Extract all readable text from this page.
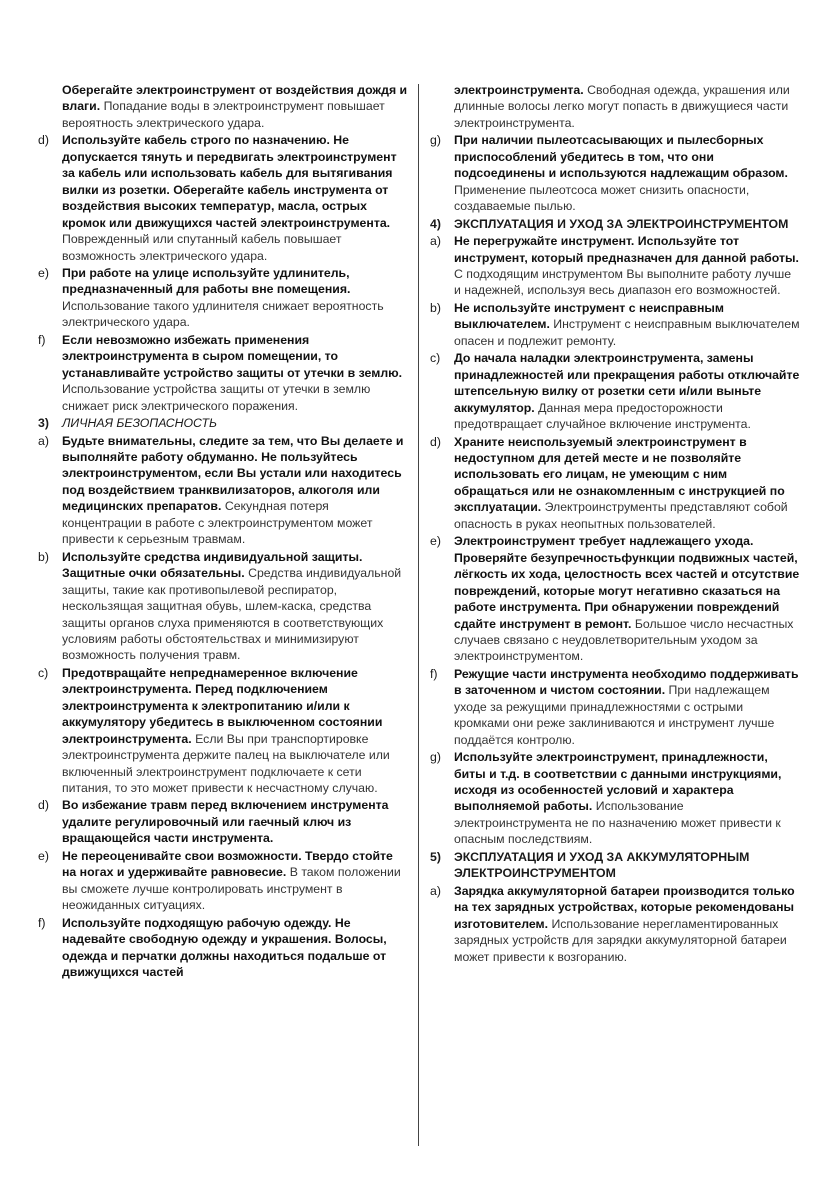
Оберегайте электроинструмент от воздействия дождя и влаги. Попадание воды в электроинструмент повышает вероятность электрического удара.
d) Используйте кабель строго по назначению. Не допускается тянуть и передвигать электроинструмент за кабель или использовать кабель для вытягивания вилки из розетки. Оберегайте кабель инструмента от воздействия высоких температур, масла, острых кромок или движущихся частей электроинструмента. Поврежденный или спутанный кабель повышает возможность электрического удара.
e) При работе на улице используйте удлинитель, предназначенный для работы вне помещения. Использование такого удлинителя снижает вероятность электрического удара.
f) Если невозможно избежать применения электроинструмента в сыром помещении, то устанавливайте устройство защиты от утечки в землю. Использование устройства защиты от утечки в землю снижает риск электрического поражения.
3) ЛИЧНАЯ БЕЗОПАСНОСТЬ
a) Будьте внимательны, следите за тем, что Вы делаете и выполняйте работу обдуманно. Не пользуйтесь электроинструментом, если Вы устали или находитесь под воздействием транквилизаторов, алкоголя или медицинских препаратов. Секундная потеря концентрации в работе с электроинструментом может привести к серьезным травмам.
b) Используйте средства индивидуальной защиты. Защитные очки обязательны. Средства индивидуальной защиты, такие как противопылевой респиратор, нескользящая защитная обувь, шлем-каска, средства защиты органов слуха применяются в соответствующих условиям работы обстоятельствах и минимизируют возможность получения травм.
c) Предотвращайте непреднамеренное включение электроинструмента. Перед подключением электроинструмента к электропитанию и/или к аккумулятору убедитесь в выключенном состоянии электроинструмента. Если Вы при транспортировке электроинструмента держите палец на выключателе или включенный электроинструмент подключаете к сети питания, то это может привести к несчастному случаю.
d) Во избежание травм перед включением инструмента удалите регулировочный или гаечный ключ из вращающейся части инструмента.
e) Не переоценивайте свои возможности. Твердо стойте на ногах и удерживайте равновесие. В таком положении вы сможете лучше контролировать инструмент в неожиданных ситуациях.
f) Используйте подходящую рабочую одежду. Не надевайте свободную одежду и украшения. Волосы, одежда и перчатки должны находиться подальше от движущихся частей
электроинструмента. Свободная одежда, украшения или длинные волосы легко могут попасть в движущиеся части электроинструмента.
g) При наличии пылеотсасывающих и пылесборных приспособлений убедитесь в том, что они подсоединены и используются надлежащим образом. Применение пылеотсоса может снизить опасности, создаваемые пылью.
4) ЭКСПЛУАТАЦИЯ И УХОД ЗА ЭЛЕКТРОИНСТРУМЕНТОМ
a) Не перегружайте инструмент. Используйте тот инструмент, который предназначен для данной работы. С подходящим инструментом Вы выполните работу лучше и надежней, используя весь диапазон его возможностей.
b) Не используйте инструмент с неисправным выключателем. Инструмент с неисправным выключателем опасен и подлежит ремонту.
c) До начала наладки электроинструмента, замены принадлежностей или прекращения работы отключайте штепсельную вилку от розетки сети и/или выньте аккумулятор. Данная мера предосторожности предотвращает случайное включение инструмента.
d) Храните неиспользуемый электроинструмент в недоступном для детей месте и не позволяйте использовать его лицам, не умеющим с ним обращаться или не ознакомленным с инструкцией по эксплуатации. Электроинструменты представляют собой опасность в руках неопытных пользователей.
e) Электроинструмент требует надлежащего ухода. Проверяйте безупречностьфункции подвижных частей, лёгкость их хода, целостность всех частей и отсутствие повреждений, которые могут негативно сказаться на работе инструмента. При обнаружении повреждений сдайте инструмент в ремонт. Большое число несчастных случаев связано с неудовлетворительным уходом за электроинструментом.
f) Режущие части инструмента необходимо поддерживать в заточенном и чистом состоянии. При надлежащем уходе за режущими принадлежностями с острыми кромками они реже заклиниваются и инструмент лучше поддаётся контролю.
g) Используйте электроинструмент, принадлежности, биты и т.д. в соответствии с данными инструкциями, исходя из особенностей условий и характера выполняемой работы. Использование электроинструмента не по назначению может привести к опасным последствиям.
5) ЭКСПЛУАТАЦИЯ И УХОД ЗА АККУМУЛЯТОРНЫМ ЭЛЕКТРОИНСТРУМЕНТОМ
a) Зарядка аккумуляторной батареи производится только на тех зарядных устройствах, которые рекомендованы изготовителем. Использование нерегламентированных зарядных устройств для зарядки аккумуляторной батареи может привести к возгоранию.
